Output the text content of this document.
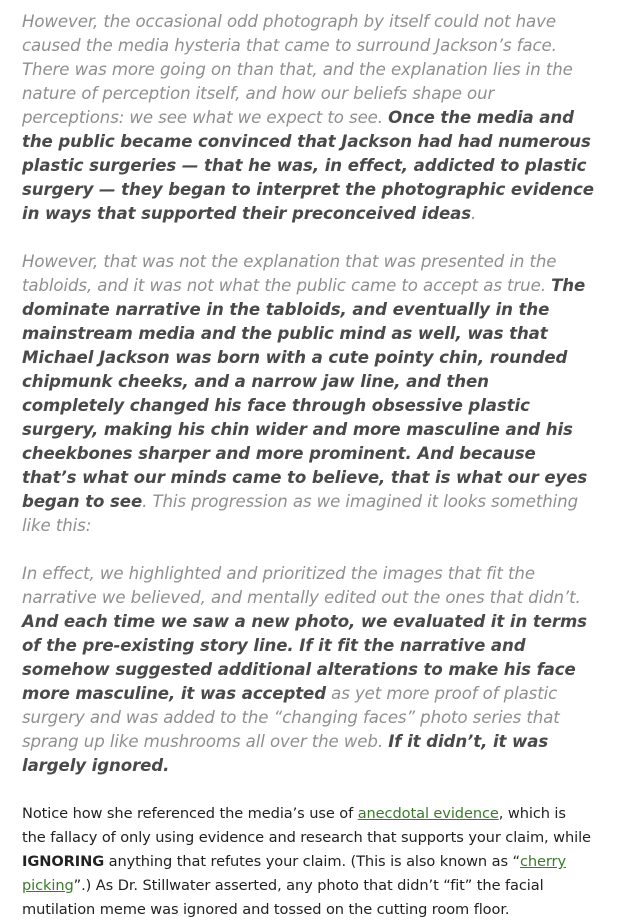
However, the occasional odd photograph by itself could not have caused the media hysteria that came to surround Jackson’s face. There was more going on than that, and the explanation lies in the nature of perception itself, and how our beliefs shape our perceptions: we see what we expect to see. Once the media and the public became convinced that Jackson had had numerous plastic surgeries — that he was, in effect, addicted to plastic surgery — they began to interpret the photographic evidence in ways that supported their preconceived ideas.

However, that was not the explanation that was presented in the tabloids, and it was not what the public came to accept as true. The dominate narrative in the tabloids, and eventually in the mainstream media and the public mind as well, was that Michael Jackson was born with a cute pointy chin, rounded chipmunk cheeks, and a narrow jaw line, and then completely changed his face through obsessive plastic surgery, making his chin wider and more masculine and his cheekbones sharper and more prominent. And because that’s what our minds came to believe, that is what our eyes began to see. This progression as we imagined it looks something like this:

In effect, we highlighted and prioritized the images that fit the narrative we believed, and mentally edited out the ones that didn’t. And each time we saw a new photo, we evaluated it in terms of the pre-existing story line. If it fit the narrative and somehow suggested additional alterations to make his face more masculine, it was accepted as yet more proof of plastic surgery and was added to the “changing faces” photo series that sprang up like mushrooms all over the web. If it didn’t, it was largely ignored.

Notice how she referenced the media’s use of anecdotal evidence, which is the fallacy of only using evidence and research that supports your claim, while IGNORING anything that refutes your claim. (This is also known as “cherry picking”.) As Dr. Stillwater asserted, any photo that didn’t “fit” the facial mutilation meme was ignored and tossed on the cutting room floor.
